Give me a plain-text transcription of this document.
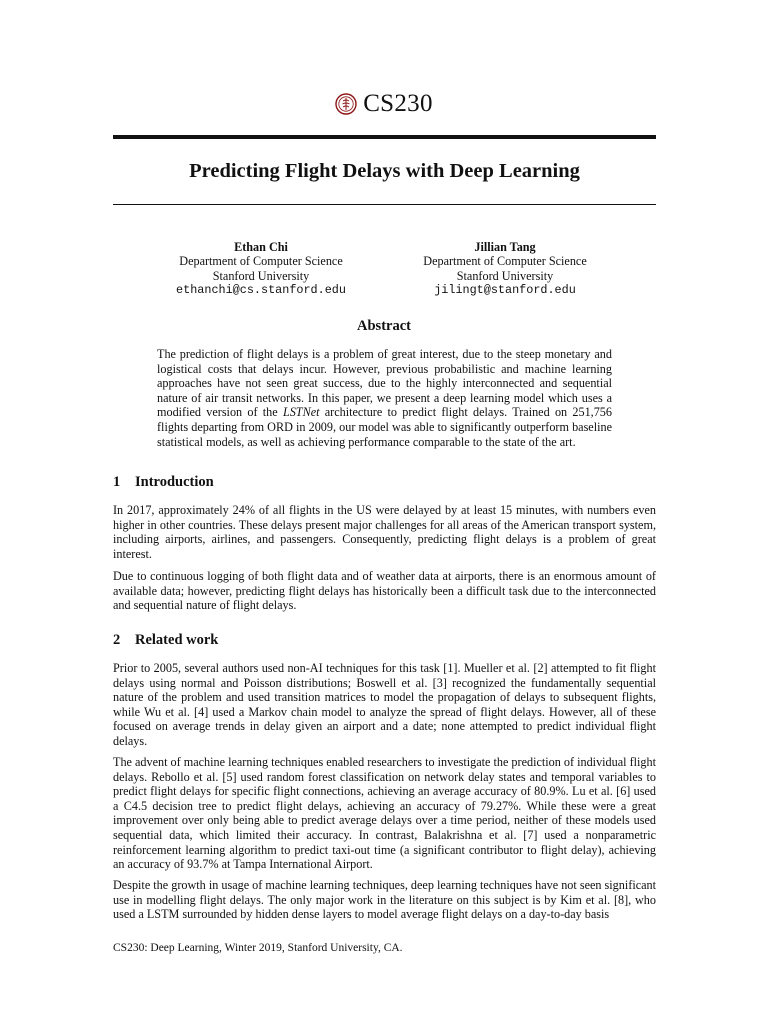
CS230
Predicting Flight Delays with Deep Learning
Ethan Chi
Department of Computer Science
Stanford University
ethanchi@cs.stanford.edu
Jillian Tang
Department of Computer Science
Stanford University
jilingt@stanford.edu
Abstract
The prediction of flight delays is a problem of great interest, due to the steep monetary and logistical costs that delays incur. However, previous probabilistic and machine learning approaches have not seen great success, due to the highly interconnected and sequential nature of air transit networks. In this paper, we present a deep learning model which uses a modified version of the LSTNet architecture to predict flight delays. Trained on 251,756 flights departing from ORD in 2009, our model was able to significantly outperform baseline statistical models, as well as achieving performance comparable to the state of the art.
1 Introduction
In 2017, approximately 24% of all flights in the US were delayed by at least 15 minutes, with numbers even higher in other countries. These delays present major challenges for all areas of the American transport system, including airports, airlines, and passengers. Consequently, predicting flight delays is a problem of great interest.
Due to continuous logging of both flight data and of weather data at airports, there is an enormous amount of available data; however, predicting flight delays has historically been a difficult task due to the interconnected and sequential nature of flight delays.
2 Related work
Prior to 2005, several authors used non-AI techniques for this task [1]. Mueller et al. [2] attempted to fit flight delays using normal and Poisson distributions; Boswell et al. [3] recognized the fundamentally sequential nature of the problem and used transition matrices to model the propagation of delays to subsequent flights, while Wu et al. [4] used a Markov chain model to analyze the spread of flight delays. However, all of these focused on average trends in delay given an airport and a date; none attempted to predict individual flight delays.
The advent of machine learning techniques enabled researchers to investigate the prediction of individual flight delays. Rebollo et al. [5] used random forest classification on network delay states and temporal variables to predict flight delays for specific flight connections, achieving an average accuracy of 80.9%. Lu et al. [6] used a C4.5 decision tree to predict flight delays, achieving an accuracy of 79.27%. While these were a great improvement over only being able to predict average delays over a time period, neither of these models used sequential data, which limited their accuracy. In contrast, Balakrishna et al. [7] used a nonparametric reinforcement learning algorithm to predict taxi-out time (a significant contributor to flight delay), achieving an accuracy of 93.7% at Tampa International Airport.
Despite the growth in usage of machine learning techniques, deep learning techniques have not seen significant use in modelling flight delays. The only major work in the literature on this subject is by Kim et al. [8], who used a LSTM surrounded by hidden dense layers to model average flight delays on a day-to-day basis
CS230: Deep Learning, Winter 2019, Stanford University, CA.
